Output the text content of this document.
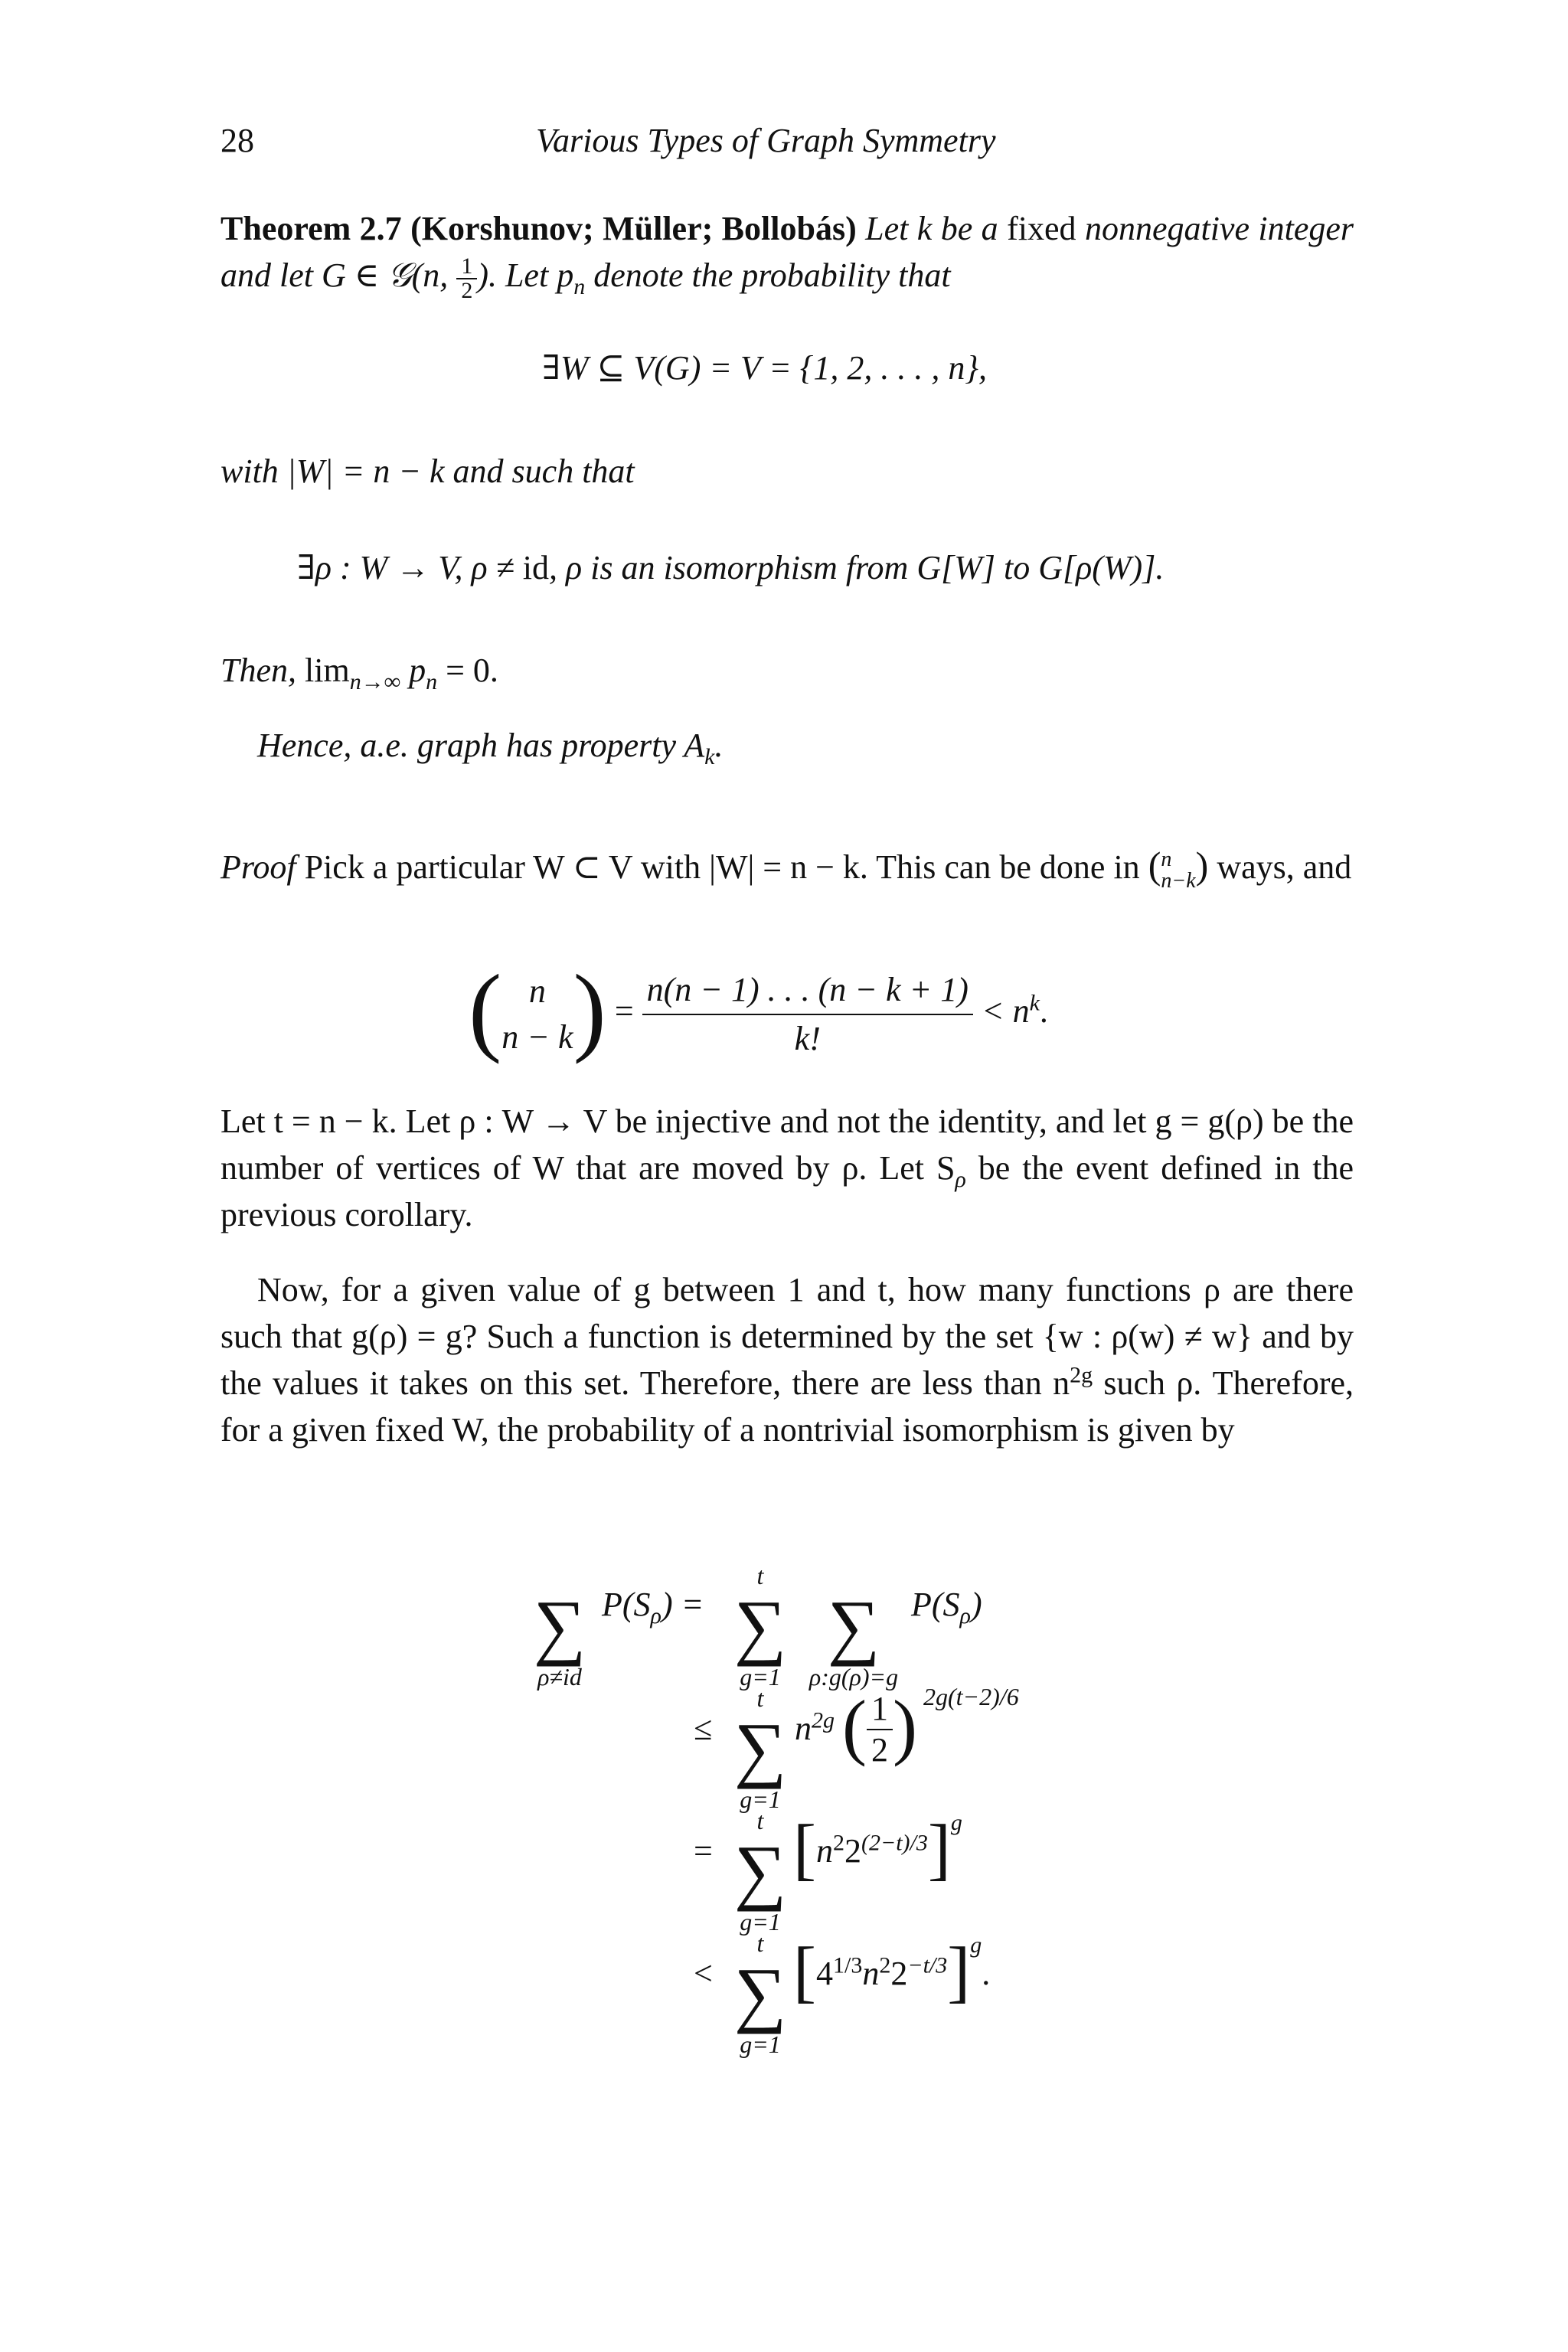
28	Various Types of Graph Symmetry
Theorem 2.7 (Korshunov; Müller; Bollobás) Let k be a fixed nonnegative integer and let G ∈ 𝒢(n, $\frac{1}{2}$ ). Let $p_n$ denote the probability that
∃W ⊆ V(G) = V = {1, 2, . . . , n},
with |W| = n − k and such that
∃ρ : W → V, ρ ≠ id, ρ is an isomorphism from G[W] to G[ρ(W)].
Then, $\lim_{n\to\infty} p_n = 0$.
Hence, a.e. graph has property $A_k$.
Proof Pick a particular W ⊂ V with |W| = n − k. This can be done in ( n
n−k ) ways, and
( n
n − k ) = $\frac{n(n - 1) . . . (n - k + 1)}{k!} < n^k$.
Let t = n − k. Let ρ : W → V be injective and not the identity, and let g = g(ρ) be the number of vertices of W that are moved by ρ. Let $S_\rho$ be the event defined in the previous corollary.
Now, for a given value of g between 1 and t, how many functions ρ are there such that g(ρ) = g? Such a function is determined by the set {w : ρ(w) ≠ w} and by the values it takes on this set. Therefore, there are less than $n^{2g}$ such ρ. Therefore, for a given fixed W, the probability of a nontrivial isomorphism is given by

∑
ρ≠id
$P(S_\rho)$ =
t
∑
g=1

∑
ρ:g(ρ)=g
$P(S_\rho)$
≤
t
∑
g=1
$n^{2g}$ ( $\frac{1}{2}$ ) 2g(t−2)/6
=
t
∑
g=1
$[n^22^{(2-t)/3}]^g$
<
t
∑
g=1
$[4^{1/3}n^22^{-t/3}]^g$.
